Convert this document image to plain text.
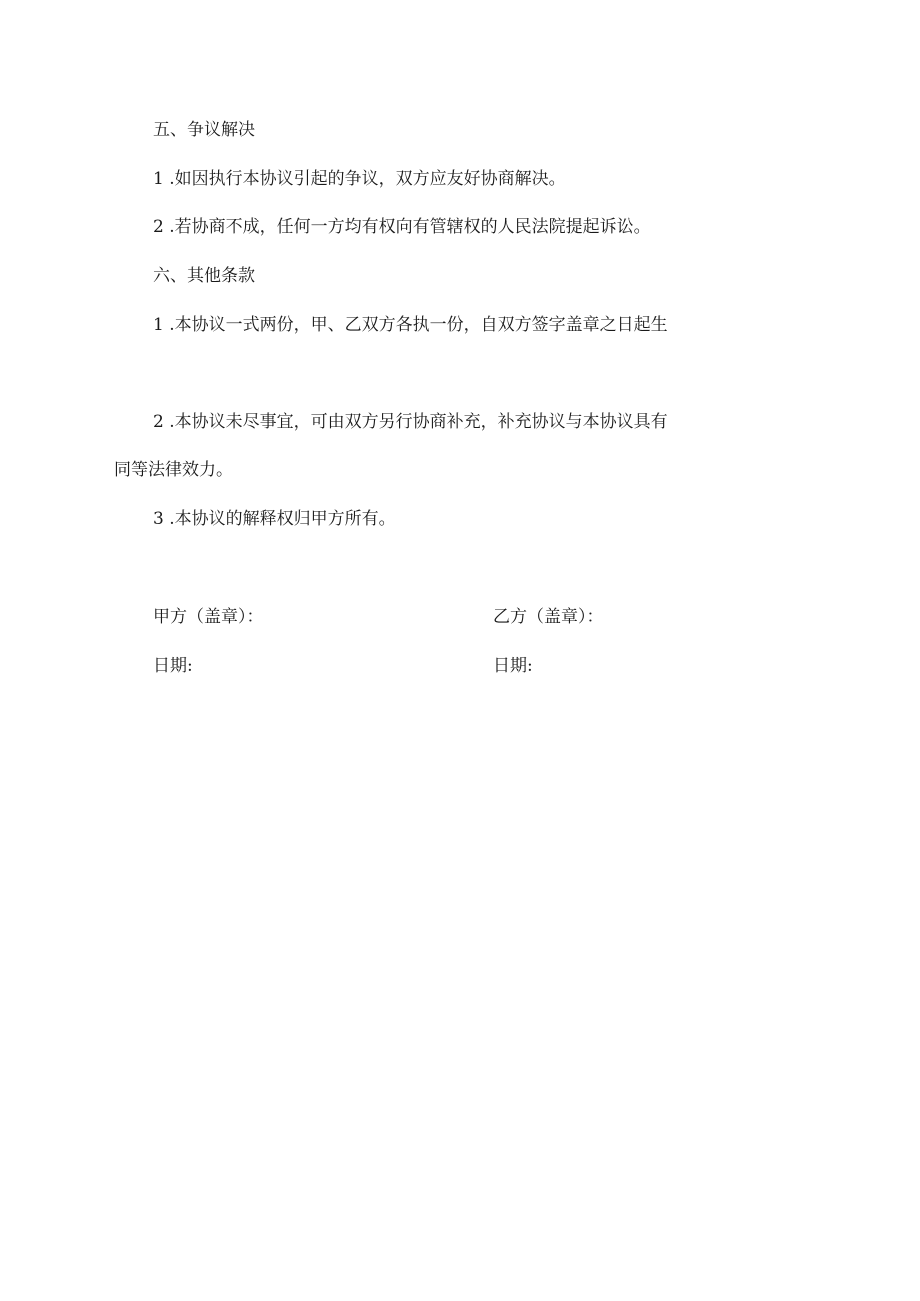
五、争议解决

1 .如因执行本协议引起的争议，双方应友好协商解决。

2 .若协商不成，任何一方均有权向有管辖权的人民法院提起诉讼。

六、其他条款

1 .本协议一式两份，甲、乙双方各执一份，自双方签字盖章之日起生

2 .本协议未尽事宜，可由双方另行协商补充，补充协议与本协议具有

同等法律效力。

3 .本协议的解释权归甲方所有。

甲方（盖章）：	乙方（盖章）：

日期:	日期:
